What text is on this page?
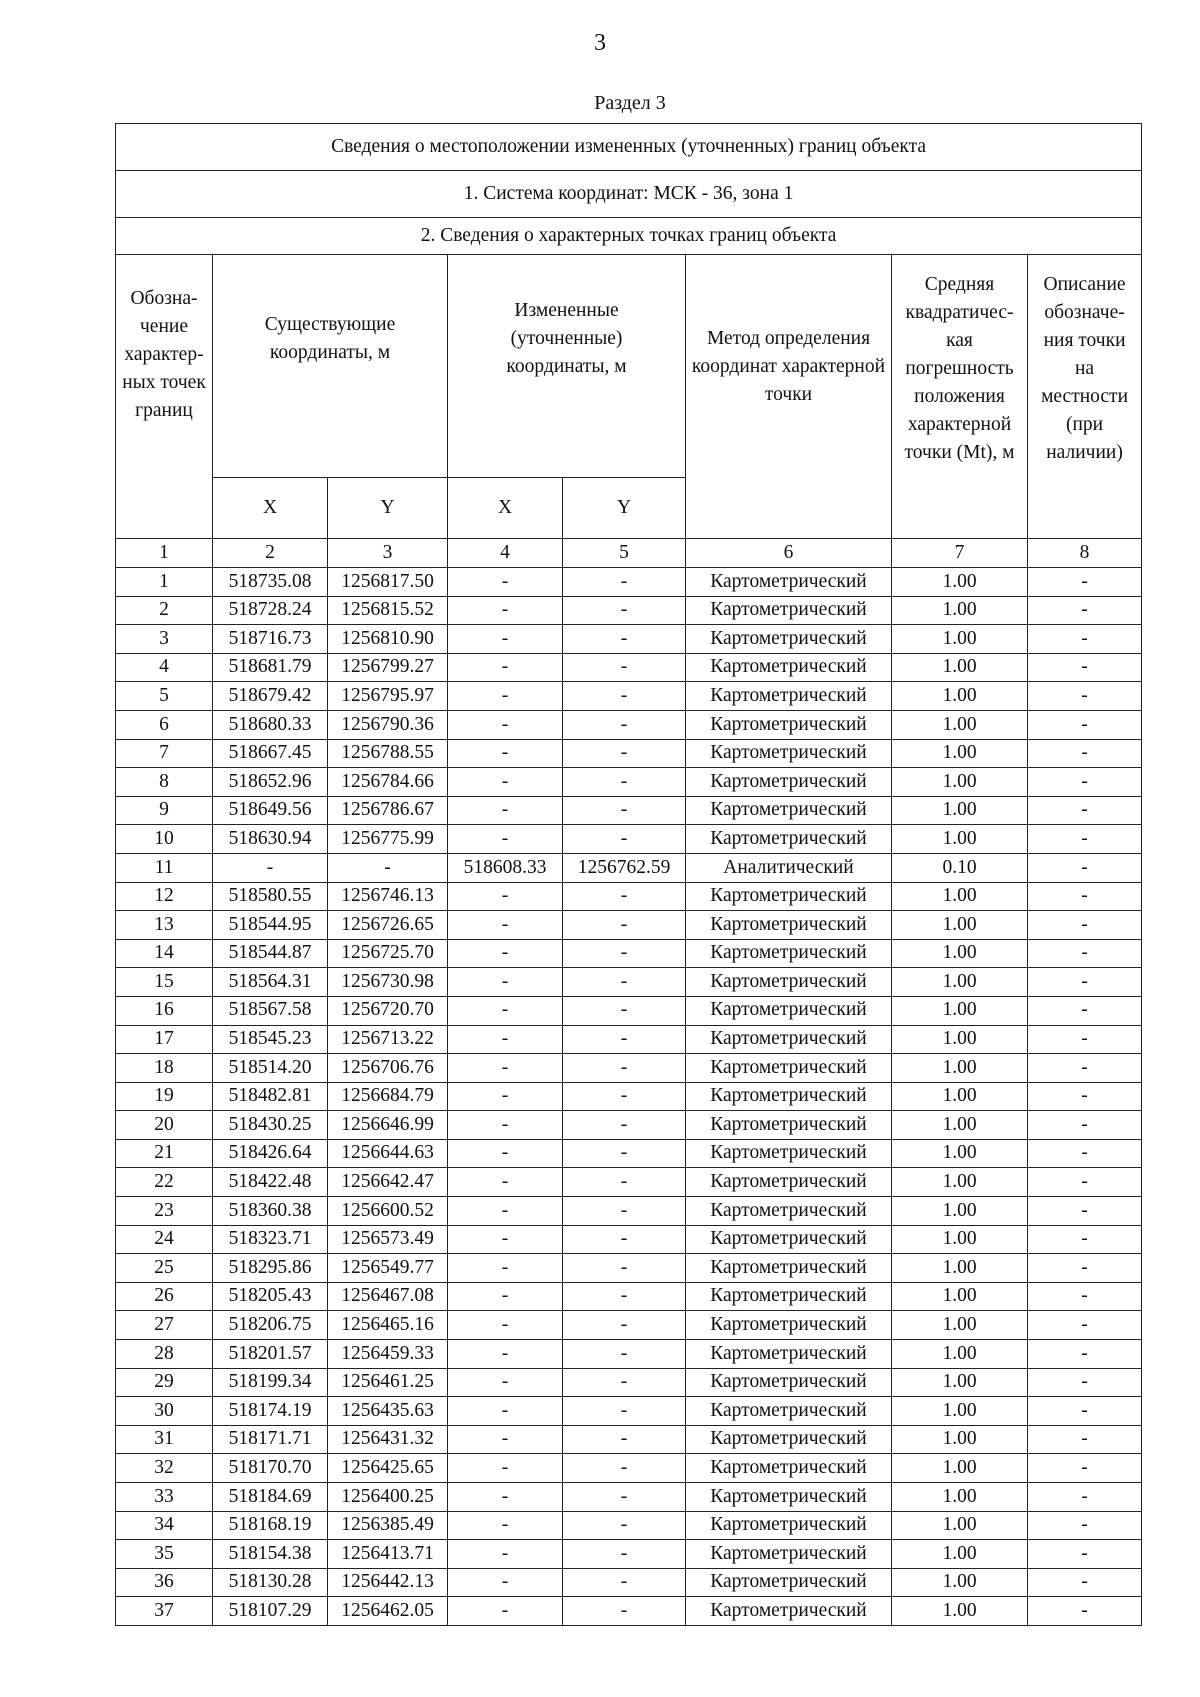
3
Раздел 3
Сведения о местоположении измененных (уточненных) границ объекта							
1. Система координат: МСК - 36, зона 1							
2. Сведения о характерных точках границ объекта							
Обозна-чение характер-ных точек границ	Существующие координаты, м		Измененные (уточненные) координаты, м		Метод определения координат характерной точки	Средняя квадратичес-кая погрешность положения характерной точки (Mt), м	Описание обозначе-ния точки на местности (при наличии)
	X	Y	X	Y			
1	2	3	4	5	6	7	8
1	518735.08	1256817.50	-	-	Картометрический	1.00	-
2	518728.24	1256815.52	-	-	Картометрический	1.00	-
3	518716.73	1256810.90	-	-	Картометрический	1.00	-
4	518681.79	1256799.27	-	-	Картометрический	1.00	-
5	518679.42	1256795.97	-	-	Картометрический	1.00	-
6	518680.33	1256790.36	-	-	Картометрический	1.00	-
7	518667.45	1256788.55	-	-	Картометрический	1.00	-
8	518652.96	1256784.66	-	-	Картометрический	1.00	-
9	518649.56	1256786.67	-	-	Картометрический	1.00	-
10	518630.94	1256775.99	-	-	Картометрический	1.00	-
11	-	-	518608.33	1256762.59	Аналитический	0.10	-
12	518580.55	1256746.13	-	-	Картометрический	1.00	-
13	518544.95	1256726.65	-	-	Картометрический	1.00	-
14	518544.87	1256725.70	-	-	Картометрический	1.00	-
15	518564.31	1256730.98	-	-	Картометрический	1.00	-
16	518567.58	1256720.70	-	-	Картометрический	1.00	-
17	518545.23	1256713.22	-	-	Картометрический	1.00	-
18	518514.20	1256706.76	-	-	Картометрический	1.00	-
19	518482.81	1256684.79	-	-	Картометрический	1.00	-
20	518430.25	1256646.99	-	-	Картометрический	1.00	-
21	518426.64	1256644.63	-	-	Картометрический	1.00	-
22	518422.48	1256642.47	-	-	Картометрический	1.00	-
23	518360.38	1256600.52	-	-	Картометрический	1.00	-
24	518323.71	1256573.49	-	-	Картометрический	1.00	-
25	518295.86	1256549.77	-	-	Картометрический	1.00	-
26	518205.43	1256467.08	-	-	Картометрический	1.00	-
27	518206.75	1256465.16	-	-	Картометрический	1.00	-
28	518201.57	1256459.33	-	-	Картометрический	1.00	-
29	518199.34	1256461.25	-	-	Картометрический	1.00	-
30	518174.19	1256435.63	-	-	Картометрический	1.00	-
31	518171.71	1256431.32	-	-	Картометрический	1.00	-
32	518170.70	1256425.65	-	-	Картометрический	1.00	-
33	518184.69	1256400.25	-	-	Картометрический	1.00	-
34	518168.19	1256385.49	-	-	Картометрический	1.00	-
35	518154.38	1256413.71	-	-	Картометрический	1.00	-
36	518130.28	1256442.13	-	-	Картометрический	1.00	-
37	518107.29	1256462.05	-	-	Картометрический	1.00	-
